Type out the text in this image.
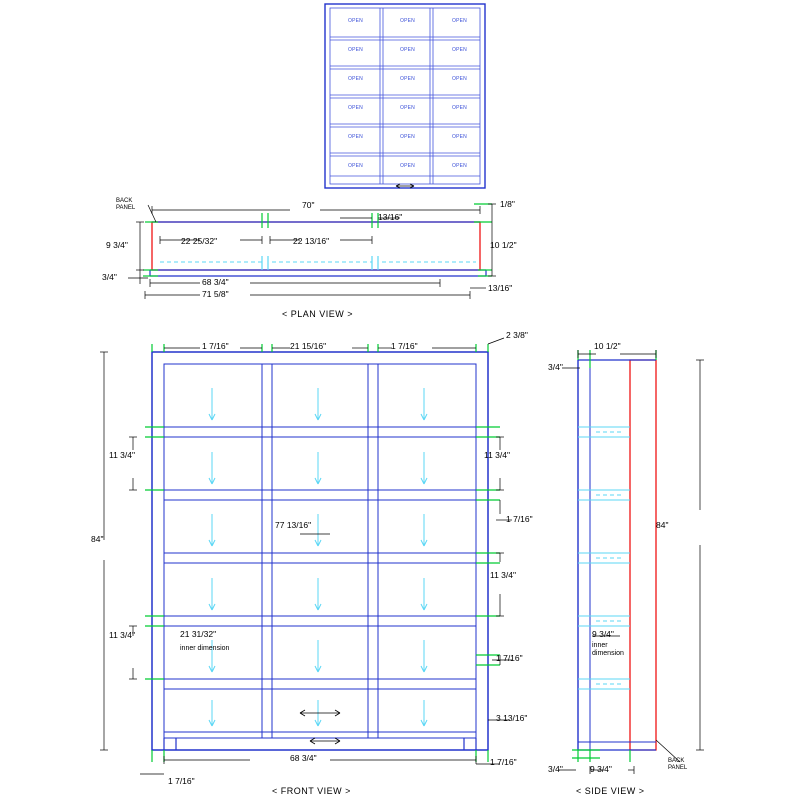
OPEN	OPEN	OPEN
OPEN	OPEN	OPEN
OPEN	OPEN	OPEN
OPEN	OPEN	OPEN
OPEN	OPEN	OPEN
OPEN	OPEN	OPEN
BACK
PANEL	70"
13/16"
1/8"
9 3/4"	22 25/32"	22 13/16"	10 1/2"
3/4"	68 3/4"
71 5/8"
13/16"
< PLAN VIEW >
2 3/8"
1 7/16"	21 15/16"	1 7/16"
11 3/4"	11 3/4"
1 7/16"
11 3/4"
84"
77 13/16"
11 3/4"	21 31/32"
inner dimension
1 7/16"
3 13/16"
68 3/4"
1 7/16"
1 7/16"
< FRONT VIEW >
10 1/2"
3/4"
84"
9 3/4"
inner
dimension
3/4"	9 3/4"
BACK
PANEL
< SIDE VIEW >
